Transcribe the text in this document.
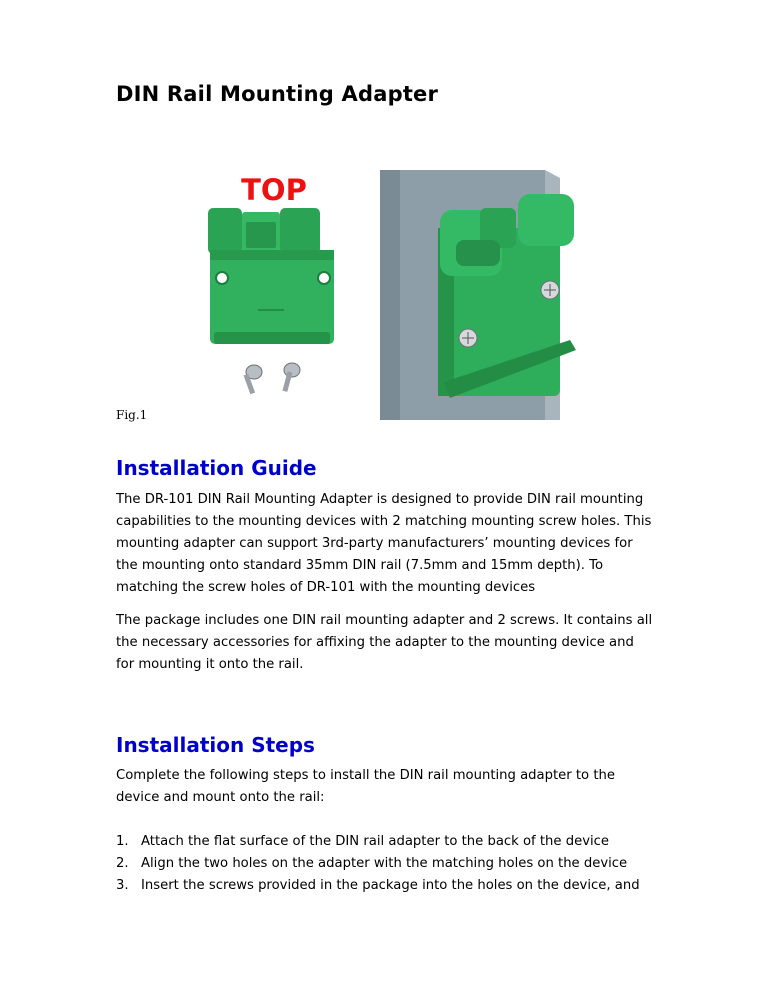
DIN Rail Mounting Adapter
TOP
Fig.1
Installation Guide

The DR-101 DIN Rail Mounting Adapter is designed to provide DIN rail mounting capabilities to the mounting devices with 2 matching mounting screw holes. This mounting adapter can support 3rd-party manufacturers’ mounting devices for the mounting onto standard 35mm DIN rail (7.5mm and 15mm depth). To matching the screw holes of DR-101 with the mounting devices

The package includes one DIN rail mounting adapter and 2 screws. It contains all the necessary accessories for affixing the adapter to the mounting device and for mounting it onto the rail.

Installation Steps

Complete the following steps to install the DIN rail mounting adapter to the device and mount onto the rail:

1. Attach the flat surface of the DIN rail adapter to the back of the device
2. Align the two holes on the adapter with the matching holes on the device
3. Insert the screws provided in the package into the holes on the device, and
